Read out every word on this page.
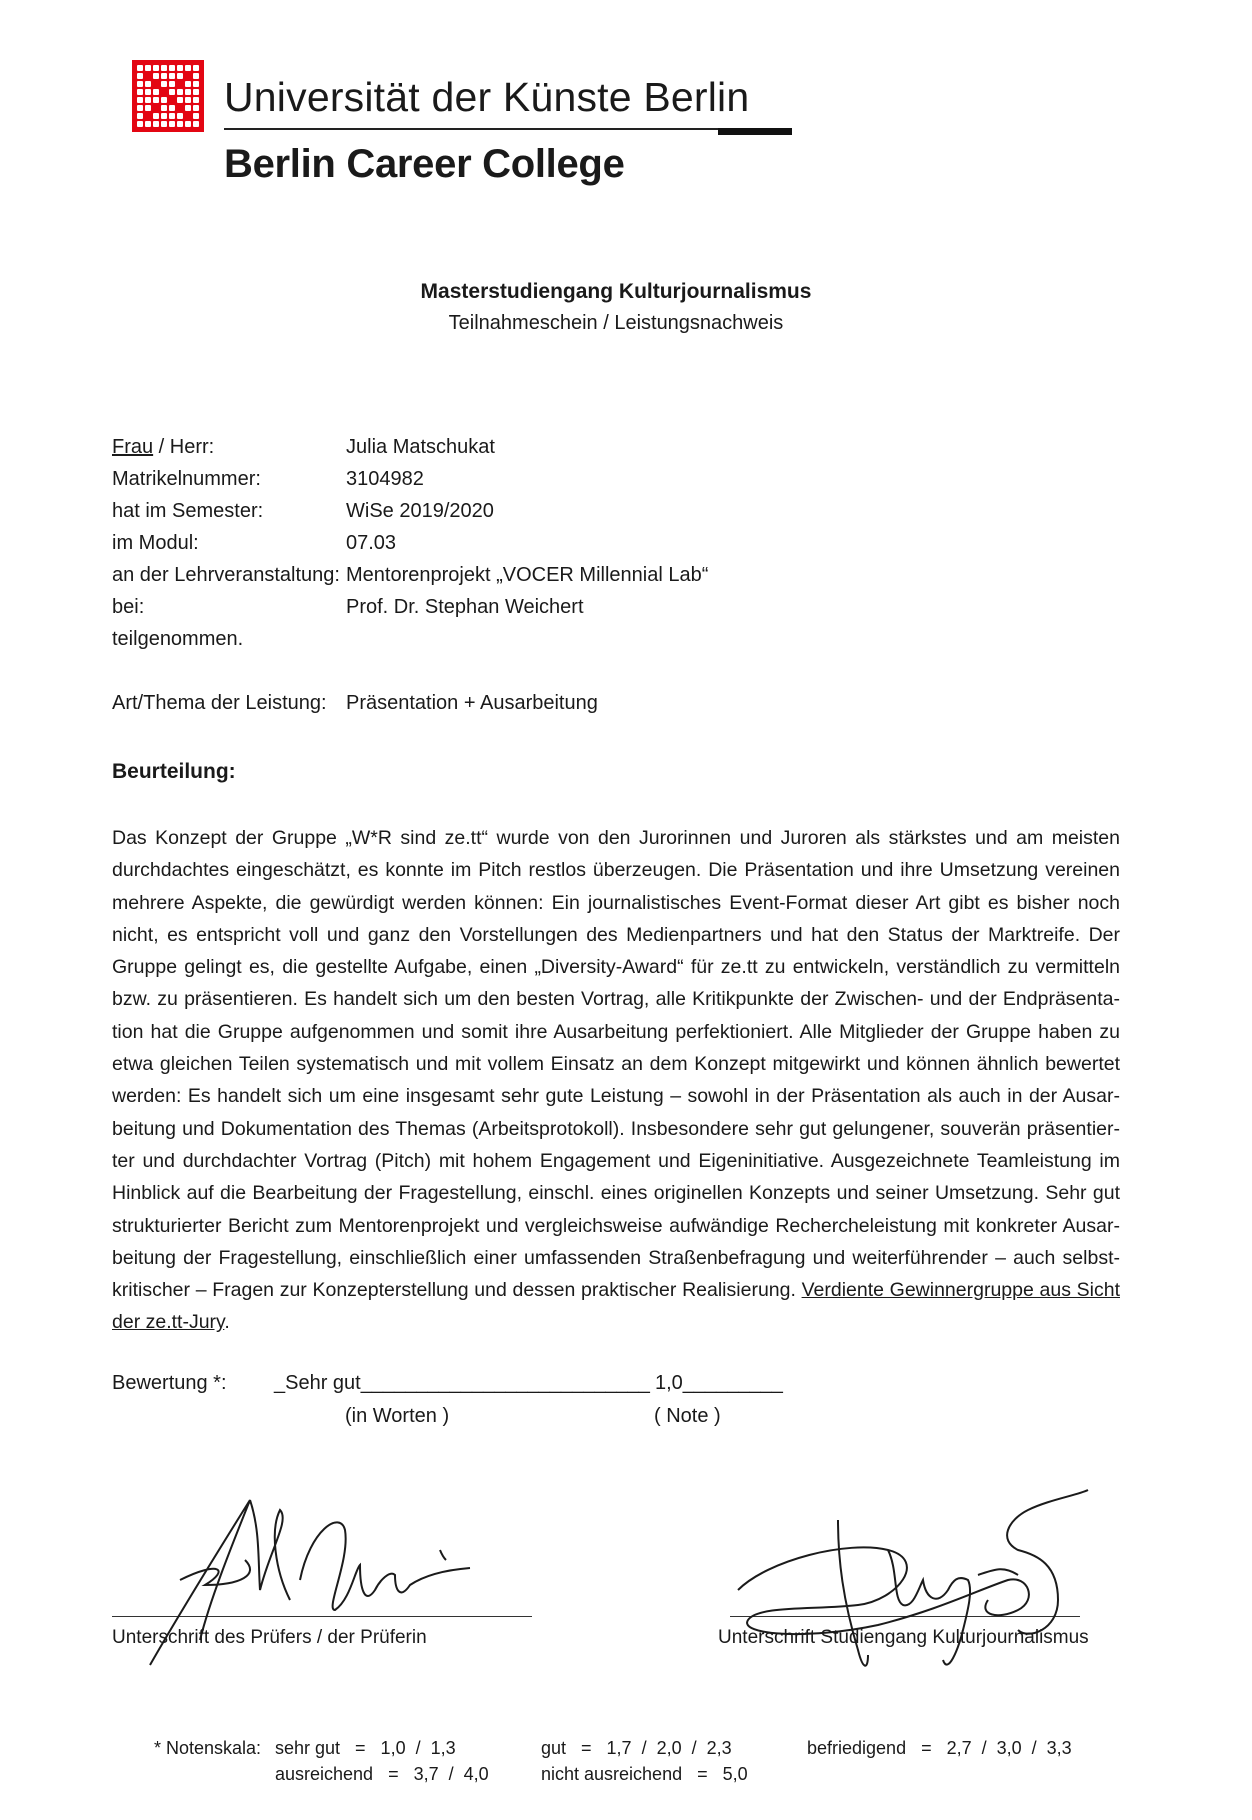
Universität der Künste Berlin
Berlin Career College
Masterstudiengang Kulturjournalismus
Teilnahmeschein / Leistungsnachweis
Frau / Herr:	Julia Matschukat
Matrikelnummer:	3104982
hat im Semester:	WiSe 2019/2020
im Modul:	07.03
an der Lehrveranstaltung: Mentorenprojekt „VOCER Millennial Lab“
bei:	Prof. Dr. Stephan Weichert
teilgenommen.
Art/Thema der Leistung: Präsentation + Ausarbeitung
Beurteilung:
Das Konzept der Gruppe „W*R sind ze.tt“ wurde von den Jurorinnen und Juroren als stärkstes und am meisten durchdachtes eingeschätzt, es konnte im Pitch restlos überzeugen. Die Präsentation und ihre Umsetzung vereinen mehrere Aspekte, die gewürdigt werden können: Ein journalistisches Event-Format dieser Art gibt es bisher noch nicht, es entspricht voll und ganz den Vorstellungen des Medienpartners und hat den Status der Marktreife. Der Gruppe gelingt es, die gestellte Aufgabe, einen „Diversity-Award“ für ze.tt zu entwickeln, verständlich zu vermitteln bzw. zu präsentieren. Es handelt sich um den besten Vortrag, alle Kritikpunkte der Zwischen- und der Endpräsentation hat die Gruppe aufgenommen und somit ihre Ausarbeitung perfektioniert. Alle Mitglieder der Gruppe haben zu etwa gleichen Teilen systematisch und mit vollem Einsatz an dem Konzept mitgewirkt und können ähnlich bewertet werden: Es handelt sich um eine insgesamt sehr gute Leistung – sowohl in der Präsentation als auch in der Ausarbeitung und Dokumentation des Themas (Arbeitsprotokoll). Insbesondere sehr gut gelungener, souverän präsentierter und durchdachter Vortrag (Pitch) mit hohem Engagement und Eigeninitiative. Ausgezeichnete Teamleistung im Hinblick auf die Bearbeitung der Fragestellung, einschl. eines originellen Konzepts und seiner Umsetzung. Sehr gut strukturierter Bericht zum Mentorenprojekt und vergleichsweise aufwändige Rechercheleistung mit konkreter Ausarbeitung der Fragestellung, einschließlich einer umfassenden Straßenbefragung und weiterführender – auch selbstkritischer – Fragen zur Konzepterstellung und dessen praktischer Realisierung. Verdiente Gewinnergruppe aus Sicht der ze.tt-Jury.
Bewertung *: _Sehr gut__________________________ 1,0_________
(in Worten )	( Note )
Unterschrift des Prüfers / der Prüferin	Unterschrift Studiengang Kulturjournalismus
* Notenskala: sehr gut   =   1,0  /  1,3	gut   =   1,7  /  2,0  /  2,3	befriedigend   =   2,7  /  3,0  /  3,3
ausreichend   =   3,7  /  4,0	nicht ausreichend   =   5,0
